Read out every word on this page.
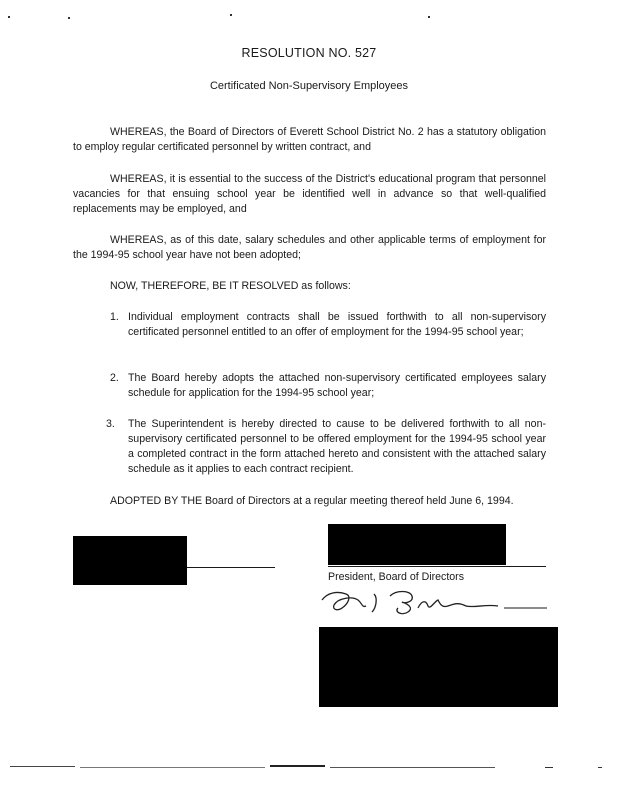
RESOLUTION NO. 527
Certificated Non-Supervisory Employees
WHEREAS, the Board of Directors of Everett School District No. 2 has a statutory obligation to employ regular certificated personnel by written contract, and
WHEREAS, it is essential to the success of the District's educational program that personnel vacancies for that ensuing school year be identified well in advance so that well-qualified replacements may be employed, and
WHEREAS, as of this date, salary schedules and other applicable terms of employment for the 1994-95 school year have not been adopted;
NOW, THEREFORE, BE IT RESOLVED as follows:
1. Individual employment contracts shall be issued forthwith to all non-supervisory certificated personnel entitled to an offer of employment for the 1994-95 school year;
2. The Board hereby adopts the attached non-supervisory certificated employees salary schedule for application for the 1994-95 school year;
3. The Superintendent is hereby directed to cause to be delivered forthwith to all non-supervisory certificated personnel to be offered employment for the 1994-95 school year a completed contract in the form attached hereto and consistent with the attached salary schedule as it applies to each contract recipient.
ADOPTED BY THE Board of Directors at a regular meeting thereof held June 6, 1994.
President, Board of Directors
